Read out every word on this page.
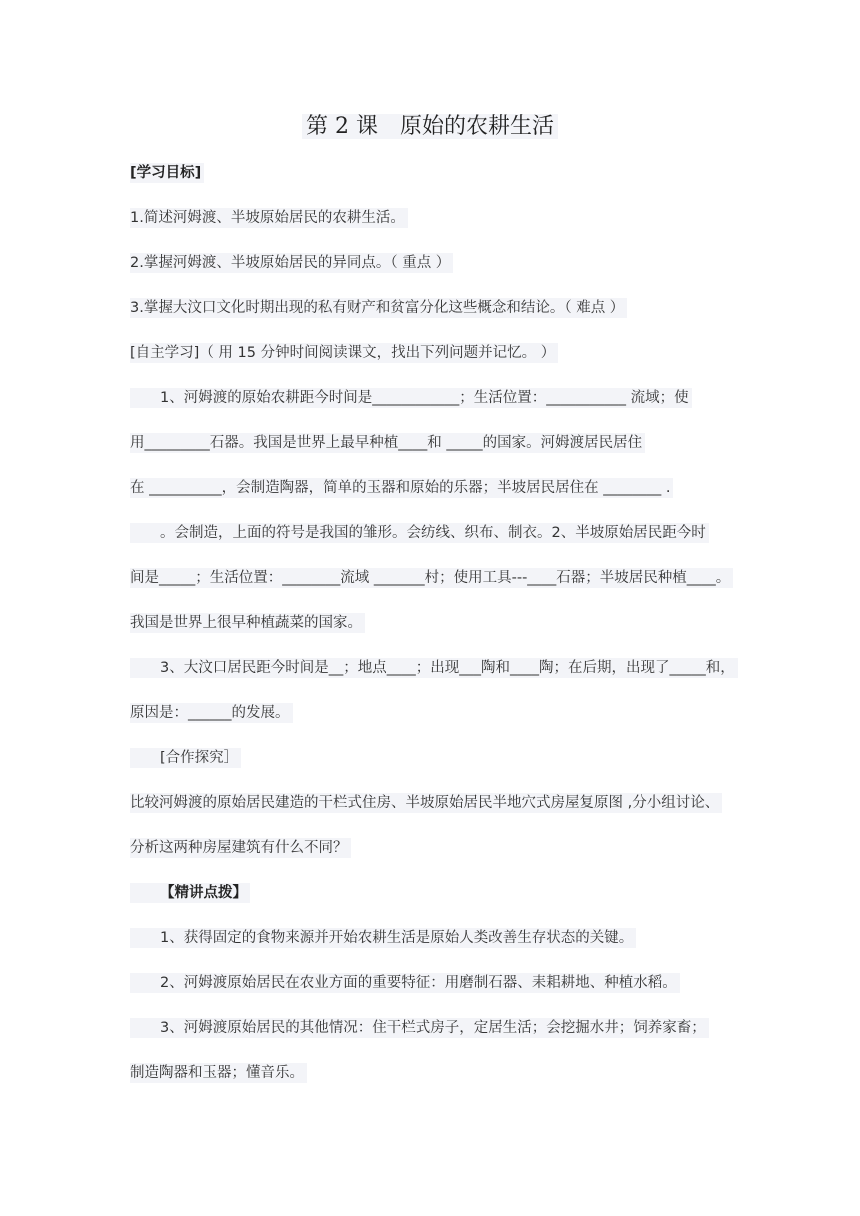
第 2 课　原始的农耕生活
[学习目标]
1.简述河姆渡、半坡原始居民的农耕生活。
2.掌握河姆渡、半坡原始居民的异同点。（ 重点 ）
3.掌握大汶口文化时期出现的私有财产和贫富分化这些概念和结论。（ 难点 ）
[自主学习]（ 用 15 分钟时间阅读课文，找出下列问题并记忆。 ）
1、河姆渡的原始农耕距今时间是____________；生活位置：___________ 流域；使
用_________石器。我国是世界上最早种植____和 _____的国家。河姆渡居民居住
在 __________，会制造陶器，简单的玉器和原始的乐器；半坡居民居住在 ________ .
。会制造，上面的符号是我国的雏形。会纺线、织布、制衣。2、半坡原始居民距今时
间是_____；生活位置：________流域 _______村；使用工具---____石器；半坡居民种植____。
我国是世界上很早种植蔬菜的国家。
3、大汶口居民距今时间是__；地点____；出现___陶和____陶；在后期，出现了_____和，
原因是：______的发展。
[合作探究］
比较河姆渡的原始居民建造的干栏式住房、半坡原始居民半地穴式房屋复原图 ,分小组讨论、
分析这两种房屋建筑有什么不同？
【精讲点拨】
1、获得固定的食物来源并开始农耕生活是原始人类改善生存状态的关键。
2、河姆渡原始居民在农业方面的重要特征：用磨制石器、耒耜耕地、种植水稻。
3、河姆渡原始居民的其他情况：住干栏式房子，定居生活；会挖掘水井；饲养家畜；
制造陶器和玉器；懂音乐。
